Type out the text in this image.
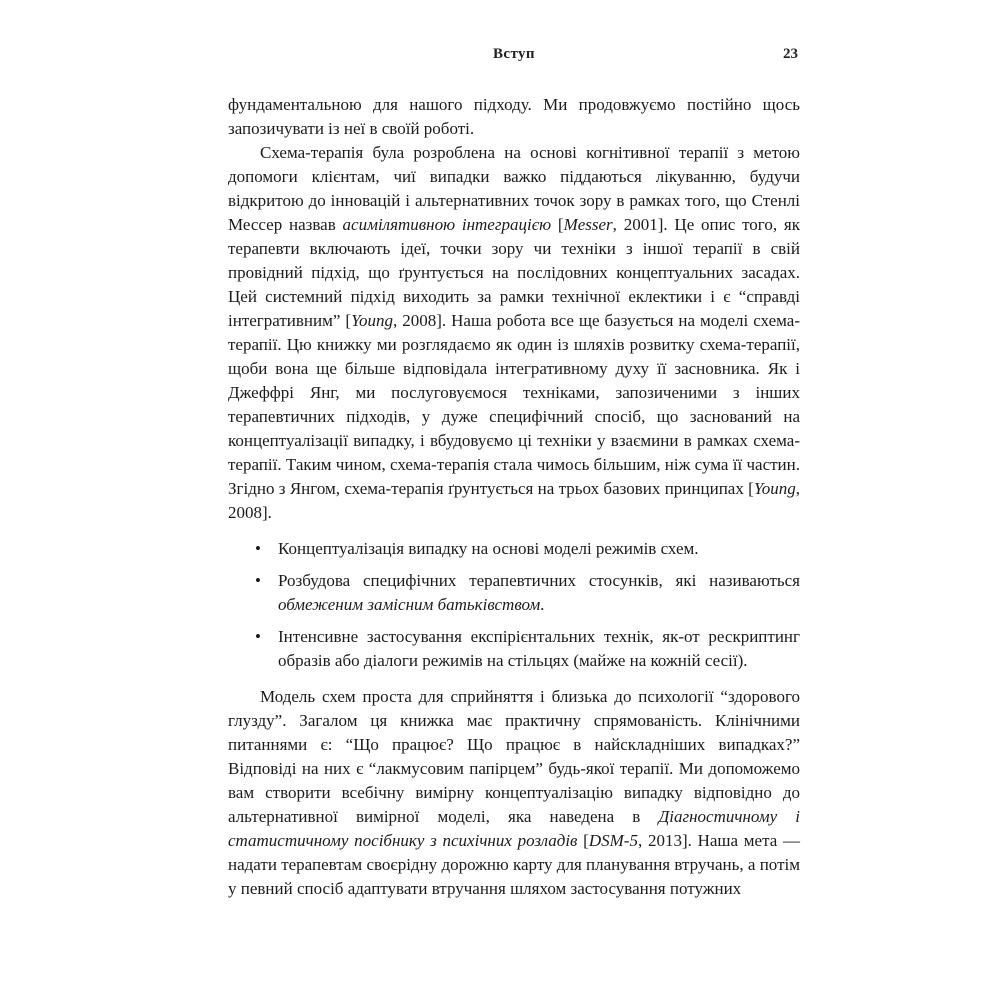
Вступ	23

фундаментальною для нашого підходу. Ми продовжуємо постійно щось запозичувати із неї в своїй роботі.

Схема-терапія була розроблена на основі когнітивної терапії з метою допомоги клієнтам, чиї випадки важко піддаються лікуванню, будучи відкритою до інновацій і альтернативних точок зору в рамках того, що Стенлі Мессер назвав асимілятивною інтеграцією [Messer, 2001]. Це опис того, як терапевти включають ідеї, точки зору чи техніки з іншої терапії в свій провідний підхід, що ґрунтується на послідовних концептуальних засадах. Цей системний підхід виходить за рамки технічної еклектики і є “справді інтегративним” [Young, 2008]. Наша робота все ще базується на моделі схема-терапії. Цю книжку ми розглядаємо як один із шляхів розвитку схема-терапії, щоби вона ще більше відповідала інтегративному духу її засновника. Як і Джеффрі Янг, ми послуговуємося техніками, запозиченими з інших терапевтичних підходів, у дуже специфічний спосіб, що заснований на концептуалізації випадку, і вбудовуємо ці техніки у взаємини в рамках схема-терапії. Таким чином, схема-терапія стала чимось більшим, ніж сума її частин. Згідно з Янгом, схема-терапія ґрунтується на трьох базових принципах [Young, 2008].

• Концептуалізація випадку на основі моделі режимів схем.
• Розбудова специфічних терапевтичних стосунків, які називаються обмеженим замісним батьківством.
• Інтенсивне застосування експірієнтальних технік, як-от рескриптинг образів або діалоги режимів на стільцях (майже на кожній сесії).

Модель схем проста для сприйняття і близька до психології “здорового глузду”. Загалом ця книжка має практичну спрямованість. Клінічними питаннями є: “Що працює? Що працює в найскладніших випадках?” Відповіді на них є “лакмусовим папірцем” будь-якої терапії. Ми допоможемо вам створити всебічну вимірну концептуалізацію випадку відповідно до альтернативної вимірної моделі, яка наведена в Діагностичному і статистичному посібнику з психічних розладів [DSM-5, 2013]. Наша мета — надати терапевтам своєрідну дорожню карту для планування втручань, а потім у певний спосіб адаптувати втручання шляхом застосування потужних
